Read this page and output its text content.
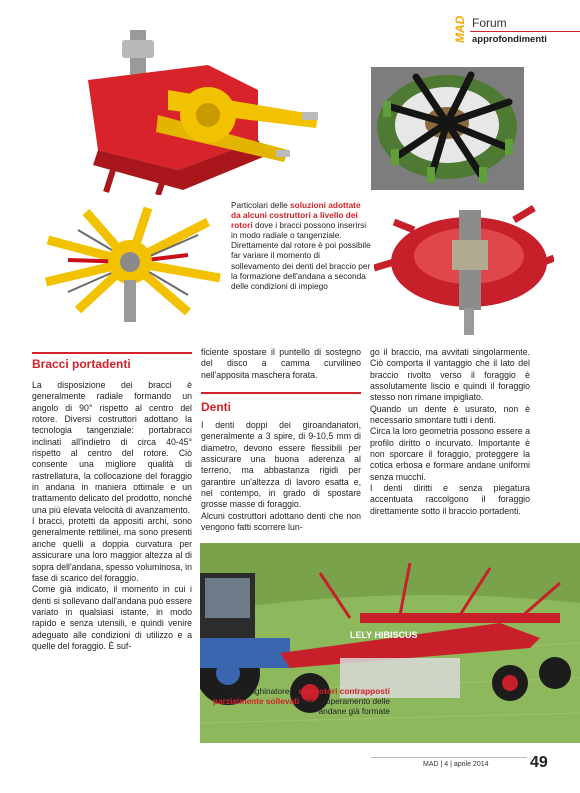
MAD Forum
approfondimenti
Particolari delle soluzioni adottate da alcuni costruttori a livello dei rotori dove i bracci possono inserirsi in modo radiale o tangenziale. Direttamente dal rotore è poi possibile far variare il momento di sollevamento dei denti del braccio per la formazione dell'andana a seconda delle condizioni di impiego
Bracci portadenti

La disposizione dei bracci è generalmente radiale formando un angolo di 90° rispetto al centro del rotore. Diversi costruttori adottano la tecnologia tangenziale: portabracci inclinati all'indietro di circa 40-45° rispetto al centro del rotore. Ciò consente una migliore qualità di rastrellatura, la collocazione del foraggio in andana in maniera ottimale e un trattamento delicato del prodotto, nonché una più elevata velocità di avanzamento.

I bracci, protetti da appositi archi, sono generalmente rettilinei, ma sono presenti anche quelli a doppia curvatura per assicurare una loro maggior altezza al di sopra dell'andana, spesso voluminosa, in fase di scarico del foraggio.

Come già indicato, il momento in cui i denti si sollevano dall'andana può essere variato in qualsiasi istante, in modo rapido e senza utensili, e quindi venire adeguato alle condizioni di utilizzo e a quelle del foraggio. È suf-

ficiente spostare il puntello di sostegno del disco a camma curvilineo nell'apposita maschera forata.

Denti

I denti doppi dei giroandanatori, generalmente a 3 spire, di 9-10,5 mm di diametro, devono essere flessibili per assicurare una buona aderenza al terreno, ma abbastanza rigidi per garantire un'altezza di lavoro esatta e, nel contempo, in grado di spostare grosse masse di foraggio.

Alcuni costruttori adottano denti che non vengono fatti scorrere lun-

go il braccio, ma avvitati singolarmente. Ciò comporta il vantaggio che il lato del braccio rivolto verso il foraggio è assolutamente liscio e quindi il foraggio stesso non rimane impigliato.

Quando un dente è usurato, non è necessario smontare tutti i denti.

Circa la loro geometria possono essere a profilo diritto o incurvato. Importante è non sporcare il foraggio, proteggere la cotica erbosa e formare andane uniformi senza mucchi.

I denti diritti e senza piegatura accentuata raccolgono il foraggio direttamente sotto il braccio portadenti.

LELY HIBISCUS
Giroranghinatore a due rotori contrapposti parzialmente sollevati per il superamento delle andane già formate
MAD | 4 | aprile 2014	49
